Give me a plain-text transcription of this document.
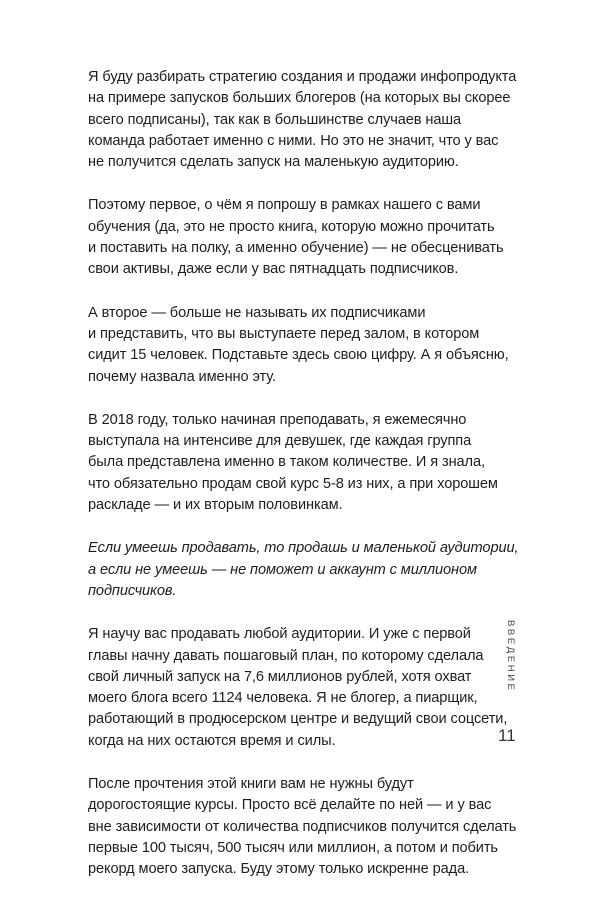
Я буду разбирать стратегию создания и продажи инфопродукта
на примере запусков больших блогеров (на которых вы скорее
всего подписаны), так как в большинстве случаев наша
команда работает именно с ними. Но это не значит, что у вас
не получится сделать запуск на маленькую аудиторию.

Поэтому первое, о чём я попрошу в рамках нашего с вами
обучения (да, это не просто книга, которую можно прочитать
и поставить на полку, а именно обучение) — не обесценивать
свои активы, даже если у вас пятнадцать подписчиков.

А второе — больше не называть их подписчиками
и представить, что вы выступаете перед залом, в котором
сидит 15 человек. Подставьте здесь свою цифру. А я объясню,
почему назвала именно эту.

В 2018 году, только начиная преподавать, я ежемесячно
выступала на интенсиве для девушек, где каждая группа
была представлена именно в таком количестве. И я знала,
что обязательно продам свой курс 5-8 из них, а при хорошем
раскладе — и их вторым половинкам.

Если умеешь продавать, то продашь и маленькой аудитории,
а если не умеешь — не поможет и аккаунт с миллионом
подписчиков.

Я научу вас продавать любой аудитории. И уже с первой
главы начну давать пошаговый план, по которому сделала
свой личный запуск на 7,6 миллионов рублей, хотя охват
моего блога всего 1124 человека. Я не блогер, а пиарщик,
работающий в продюсерском центре и ведущий свои соцсети,
когда на них остаются время и силы.

После прочтения этой книги вам не нужны будут
дорогостоящие курсы. Просто всё делайте по ней — и у вас
вне зависимости от количества подписчиков получится сделать
первые 100 тысяч, 500 тысяч или миллион, а потом и побить
рекорд моего запуска. Буду этому только искренне рада.

ВВЕДЕНИЕ
11
